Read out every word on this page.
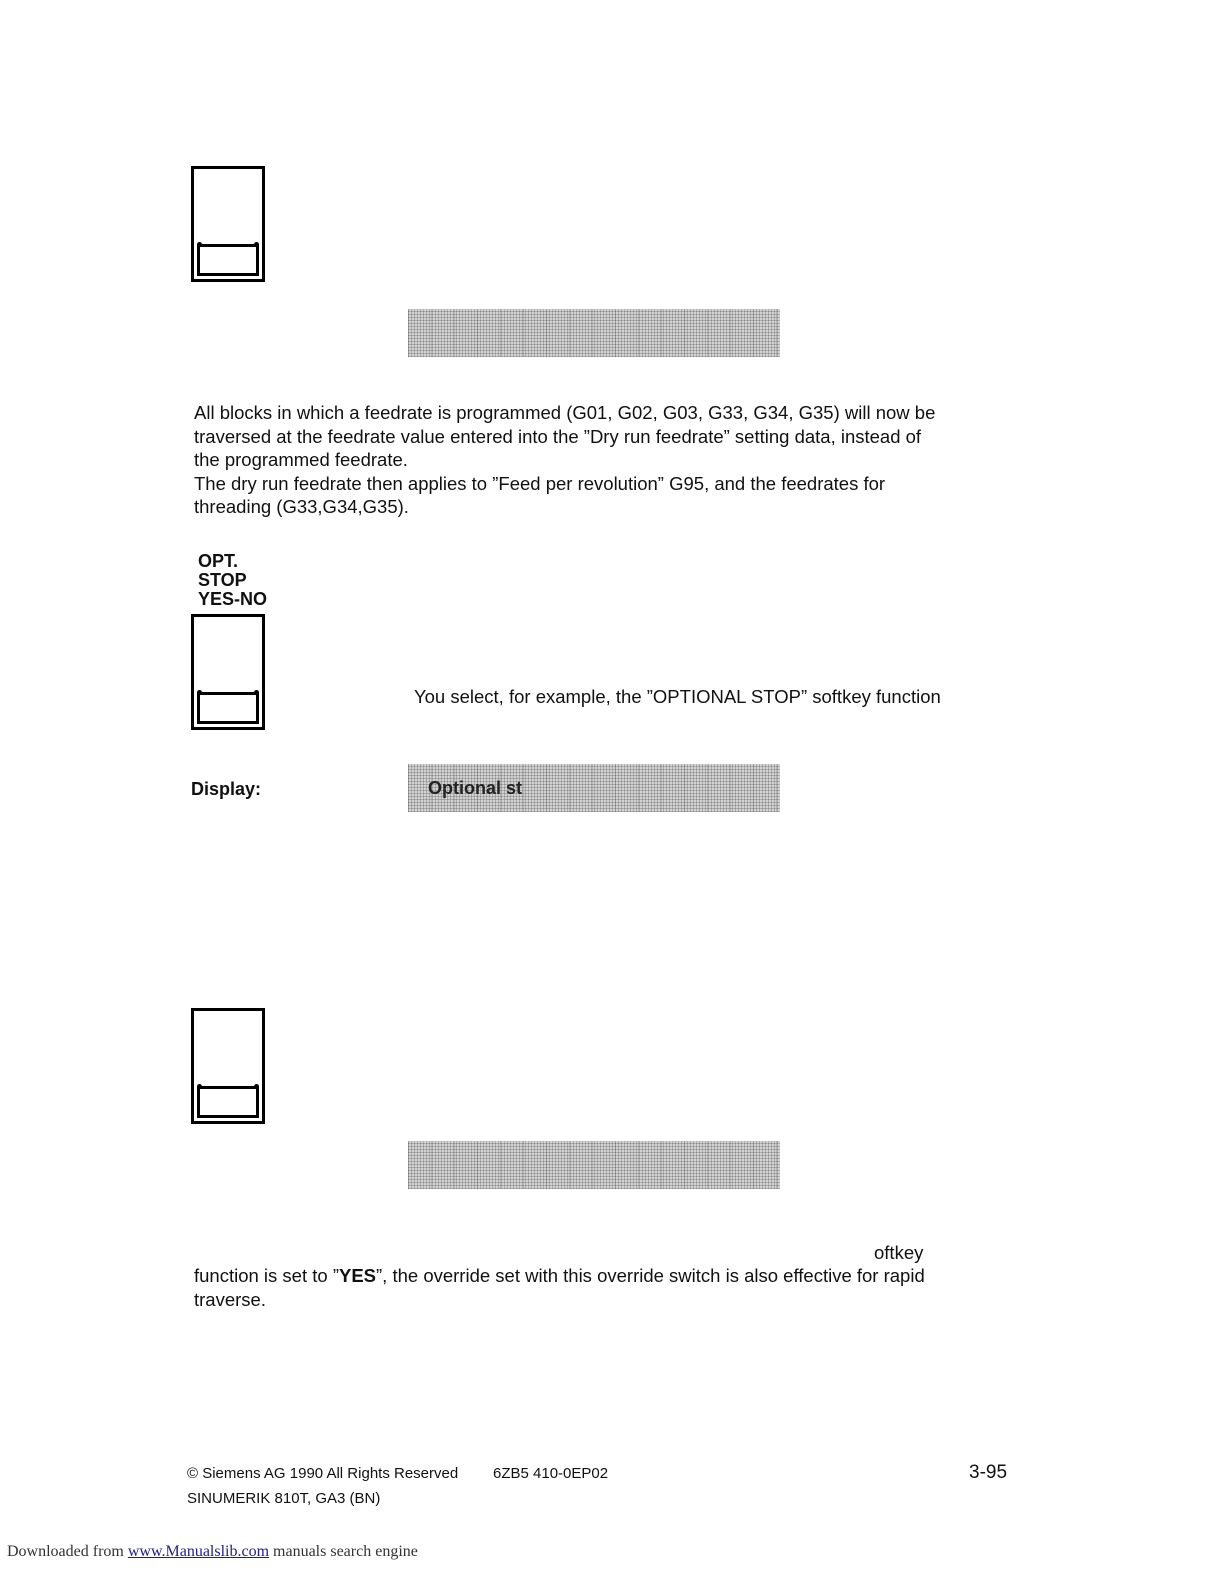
All blocks in which a feedrate is programmed (G01, G02, G03, G33, G34, G35) will now be
traversed at the feedrate value entered into the ”Dry run feedrate” setting data, instead of
the programmed feedrate.
The dry run feedrate then applies to ”Feed per revolution” G95, and the feedrates for
threading (G33,G34,G35).
OPT.
STOP
YES-NO
You select, for example, the ”OPTIONAL STOP” softkey function
Display:	Optional st
oftkey
function is set to ”YES”, the override set with this override switch is also effective for rapid
traverse.
© Siemens AG 1990 All Rights Reserved 6ZB5 410-0EP02	3-95
SINUMERIK 810T, GA3 (BN)
Downloaded from www.Manualslib.com manuals search engine
